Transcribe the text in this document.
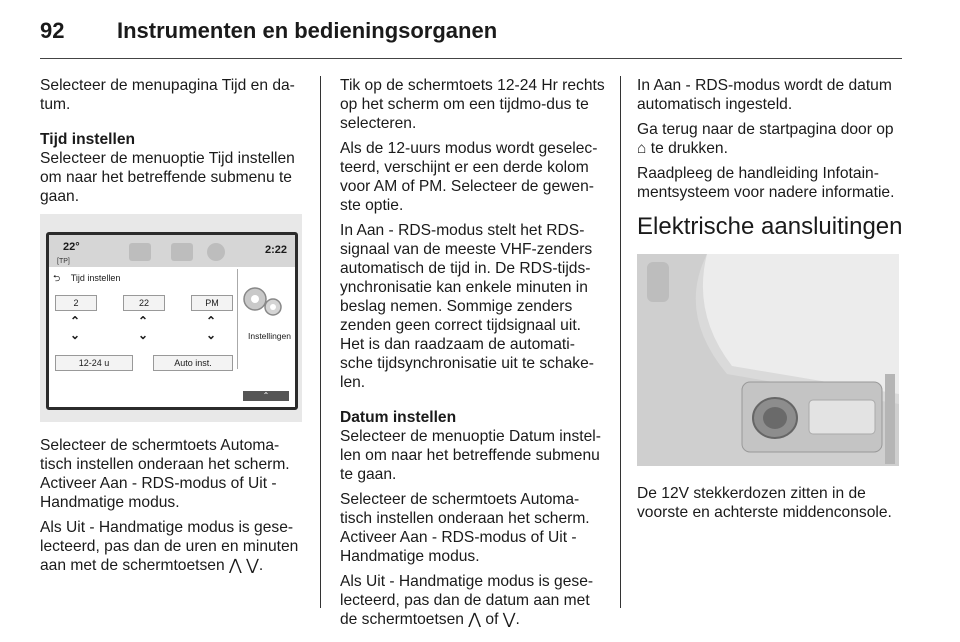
92 Instrumenten en bedieningsorganen

Selecteer de menupagina Tijd en da-tum.

Tijd instellen

Selecteer de menuoptie Tijd instellen om naar het betreffende submenu te gaan.

22°
[TP]
2:22
⮌ Tijd instellen
2	22	PM
⌃
⌄
⌃
⌄
⌃
⌄
12-24 u	Auto inst.
Instellingen
⌃

Selecteer de schermtoets Automa-tisch instellen onderaan het scherm. Activeer Aan - RDS-modus of Uit - Handmatige modus.

Als Uit - Handmatige modus is gese-lecteerd, pas dan de uren en minuten aan met de schermtoetsen ⋀ ⋁.

Tik op de schermtoets 12-24 Hr rechts op het scherm om een tijdmo-dus te selecteren.

Als de 12-uurs modus wordt geselec-teerd, verschijnt er een derde kolom voor AM of PM. Selecteer de gewen-ste optie.

In Aan - RDS-modus stelt het RDS-signaal van de meeste VHF-zenders automatisch de tijd in. De RDS-tijds-ynchronisatie kan enkele minuten in beslag nemen. Sommige zenders zenden geen correct tijdsignaal uit. Het is dan raadzaam de automati-sche tijdsynchronisatie uit te schake-len.

Datum instellen

Selecteer de menuoptie Datum instel-len om naar het betreffende submenu te gaan.

Selecteer de schermtoets Automa-tisch instellen onderaan het scherm. Activeer Aan - RDS-modus of Uit - Handmatige modus.

Als Uit - Handmatige modus is gese-lecteerd, pas dan de datum aan met de schermtoetsen ⋀ of ⋁.

In Aan - RDS-modus wordt de datum automatisch ingesteld.

Ga terug naar de startpagina door op ⌂ te drukken.

Raadpleeg de handleiding Infotain-mentsysteem voor nadere informatie.

Elektrische aansluitingen

De 12V stekkerdozen zitten in de voorste en achterste middenconsole.
